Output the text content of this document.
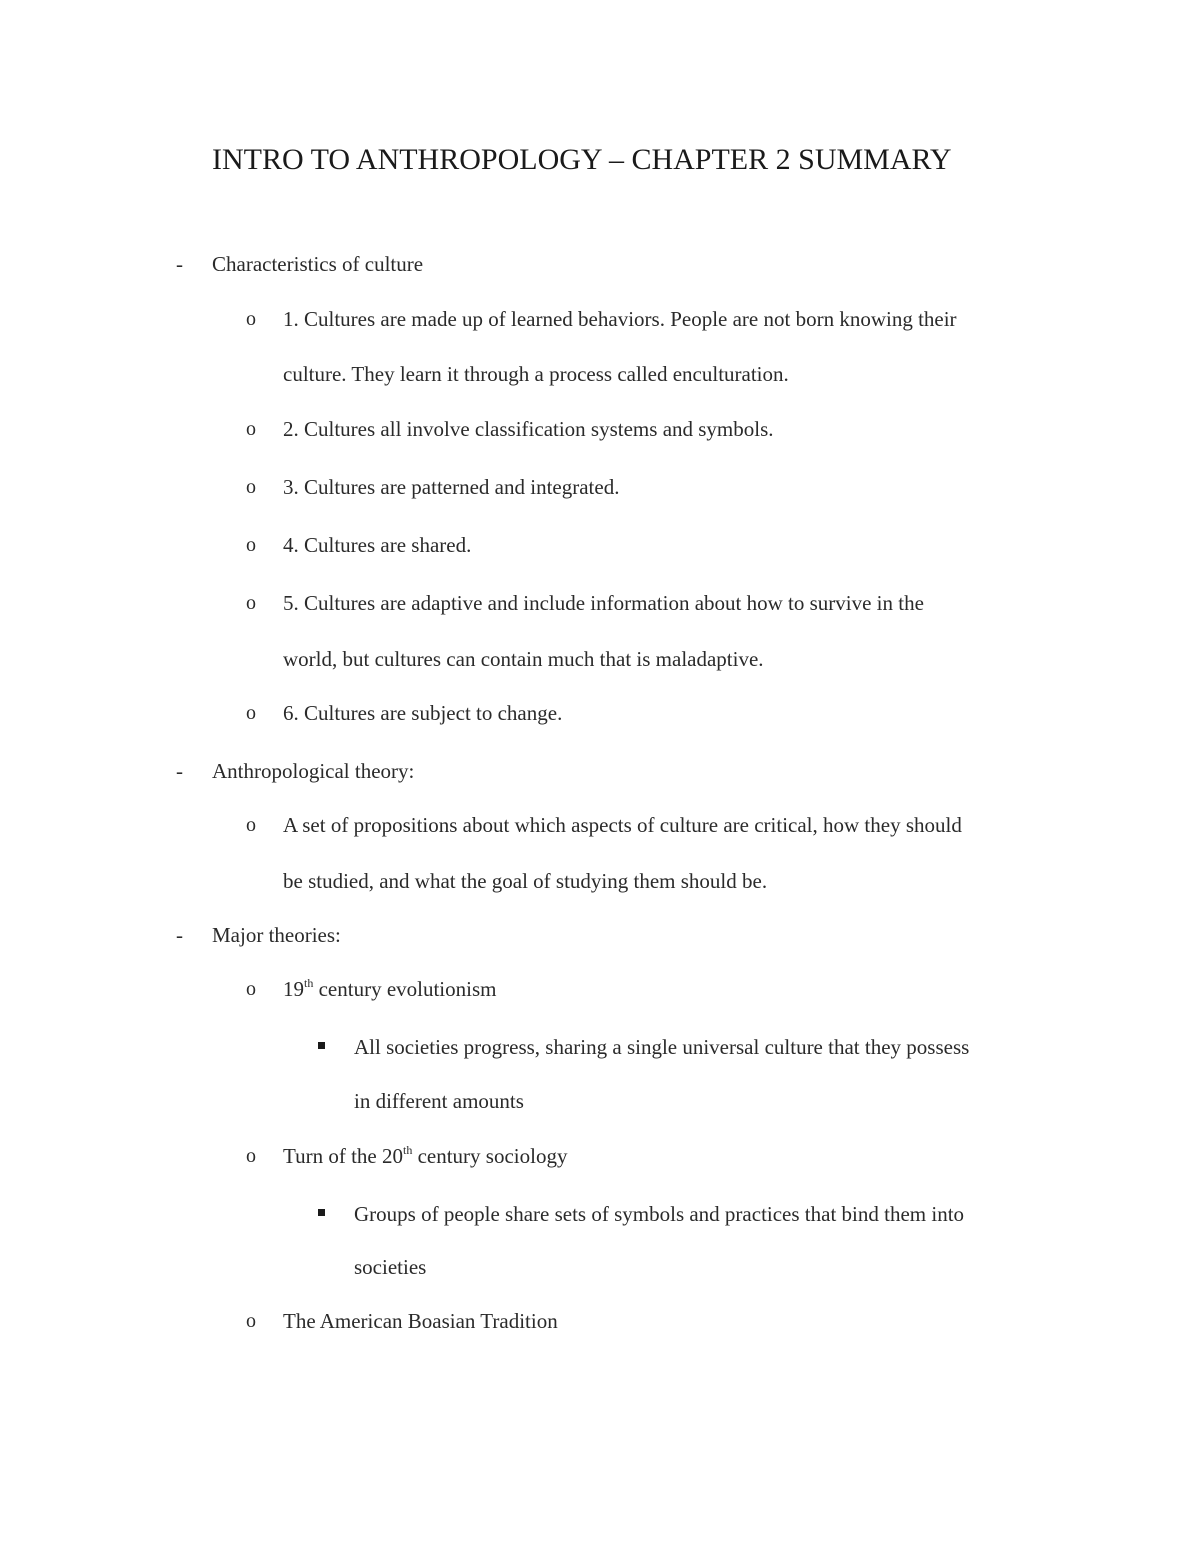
INTRO TO ANTHROPOLOGY – CHAPTER 2 SUMMARY
- Characteristics of culture
o 1. Cultures are made up of learned behaviors. People are not born knowing their
culture. They learn it through a process called enculturation.
o 2. Cultures all involve classification systems and symbols.
o 3. Cultures are patterned and integrated.
o 4. Cultures are shared.
o 5. Cultures are adaptive and include information about how to survive in the
world, but cultures can contain much that is maladaptive.
o 6. Cultures are subject to change.
- Anthropological theory:
o A set of propositions about which aspects of culture are critical, how they should
be studied, and what the goal of studying them should be.
- Major theories:
o 19th century evolutionism
All societies progress, sharing a single universal culture that they possess
in different amounts
o Turn of the 20th century sociology
Groups of people share sets of symbols and practices that bind them into
societies
o The American Boasian Tradition
